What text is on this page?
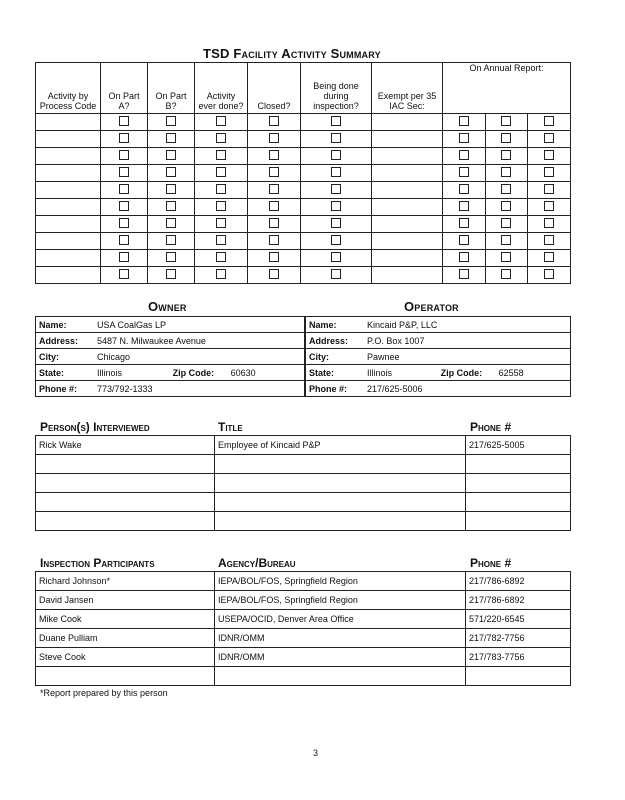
TSD Facility Activity Summary
Activity by Process Code	On Part A?	On Part B?	Activity ever done?	Closed?	Being done during inspection?	Exempt per 35 IAC Sec:	On Annual Report:		

Owner	Operator
Name:	USA CoalGas LP		
Address:	5487 N. Milwaukee Avenue		
City:	Chicago		
State:	Illinois	Zip Code:	60630
Phone #:	773/792-1333		
Name:	Kincaid P&P, LLC		
Address:	P.O. Box 1007		
City:	Pawnee		
State:	Illinois	Zip Code:	62558
Phone #:	217/625-5006		
Person(s) Interviewed	Title	Phone #
Rick Wake	Employee of Kincaid P&P	217/625-5005

Inspection Participants	Agency/Bureau	Phone #
Richard Johnson*	IEPA/BOL/FOS, Springfield Region	217/786-6892
David Jansen	IEPA/BOL/FOS, Springfield Region	217/786-6892
Mike Cook	USEPA/OCID, Denver Area Office	571/220-6545
Duane Pulliam	IDNR/OMM	217/782-7756
Steve Cook	IDNR/OMM	217/783-7756

*Report prepared by this person
3
